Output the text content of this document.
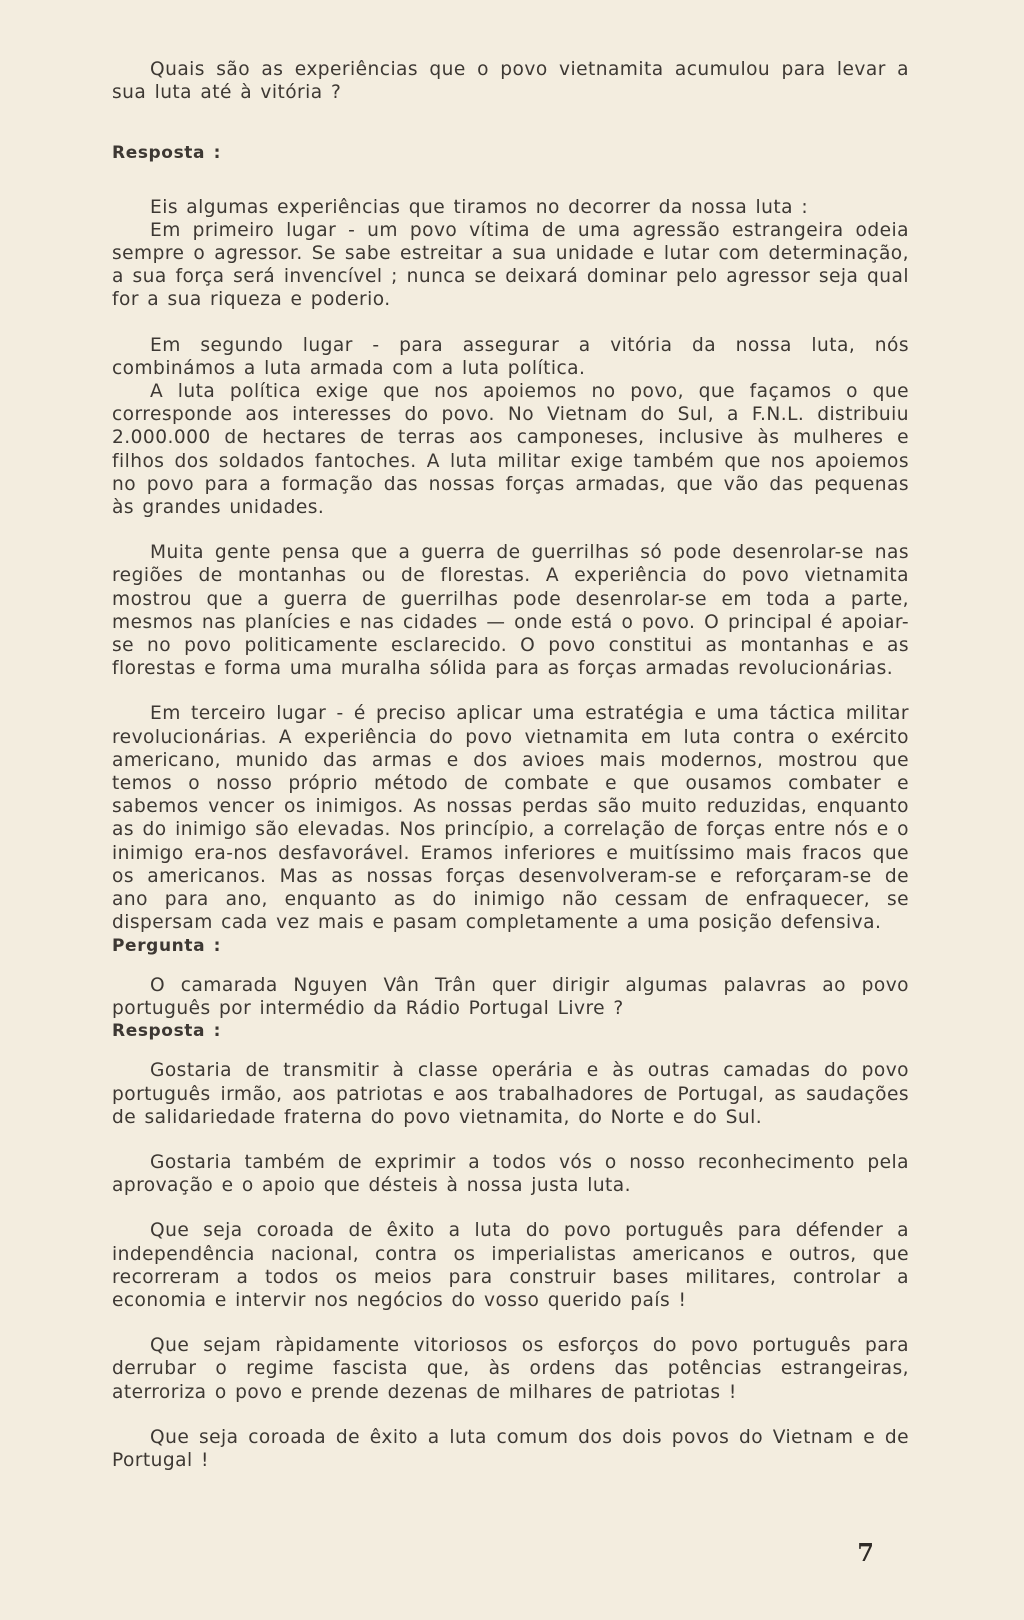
Quais são as experiências que o povo vietnamita acumulou para levar a sua luta até à vitória ?

Resposta :

Eis algumas experiências que tiramos no decorrer da nossa luta :

Em primeiro lugar - um povo vítima de uma agressão estrangeira odeia sempre o agressor. Se sabe estreitar a sua unidade e lutar com determinação, a sua força será invencível ; nunca se deixará dominar pelo agressor seja qual for a sua riqueza e poderio.

Em segundo lugar - para assegurar a vitória da nossa luta, nós combinámos a luta armada com a luta política.

A luta política exige que nos apoiemos no povo, que façamos o que corresponde aos interesses do povo. No Vietnam do Sul, a F.N.L. distribuiu 2.000.000 de hectares de terras aos camponeses, inclusive às mulheres e filhos dos soldados fantoches. A luta militar exige também que nos apoiemos no povo para a formação das nossas forças armadas, que vão das pequenas às grandes unidades.

Muita gente pensa que a guerra de guerrilhas só pode desenrolar-se nas regiões de montanhas ou de florestas. A experiência do povo vietnamita mostrou que a guerra de guerrilhas pode desenrolar-se em toda a parte, mesmos nas planícies e nas cidades — onde está o povo. O principal é apoiar-se no povo politicamente esclarecido. O povo constitui as montanhas e as florestas e forma uma muralha sólida para as forças armadas revolucionárias.

Em terceiro lugar - é preciso aplicar uma estratégia e uma táctica militar revolucionárias. A experiência do povo vietnamita em luta contra o exército americano, munido das armas e dos avioes mais modernos, mostrou que temos o nosso próprio método de combate e que ousamos combater e sabemos vencer os inimigos. As nossas perdas são muito reduzidas, enquanto as do inimigo são elevadas. Nos princípio, a correlação de forças entre nós e o inimigo era-nos desfavorável. Eramos inferiores e muitíssimo mais fracos que os americanos. Mas as nossas forças desenvolveram-se e reforçaram-se de ano para ano, enquanto as do inimigo não cessam de enfraquecer, se dispersam cada vez mais e pasam completamente a uma posição defensiva.

Pergunta :

O camarada Nguyen Vân Trân quer dirigir algumas palavras ao povo português por intermédio da Rádio Portugal Livre ?

Resposta :

Gostaria de transmitir à classe operária e às outras camadas do povo português irmão, aos patriotas e aos trabalhadores de Portugal, as saudações de salidariedade fraterna do povo vietnamita, do Norte e do Sul.

Gostaria também de exprimir a todos vós o nosso reconhecimento pela aprovação e o apoio que désteis à nossa justa luta.

Que seja coroada de êxito a luta do povo português para défender a independência nacional, contra os imperialistas americanos e outros, que recorreram a todos os meios para construir bases militares, controlar a economia e intervir nos negócios do vosso querido país !

Que sejam ràpidamente vitoriosos os esforços do povo português para derrubar o regime fascista que, às ordens das potências estrangeiras, aterroriza o povo e prende dezenas de milhares de patriotas !

Que seja coroada de êxito a luta comum dos dois povos do Vietnam e de Portugal !

7
